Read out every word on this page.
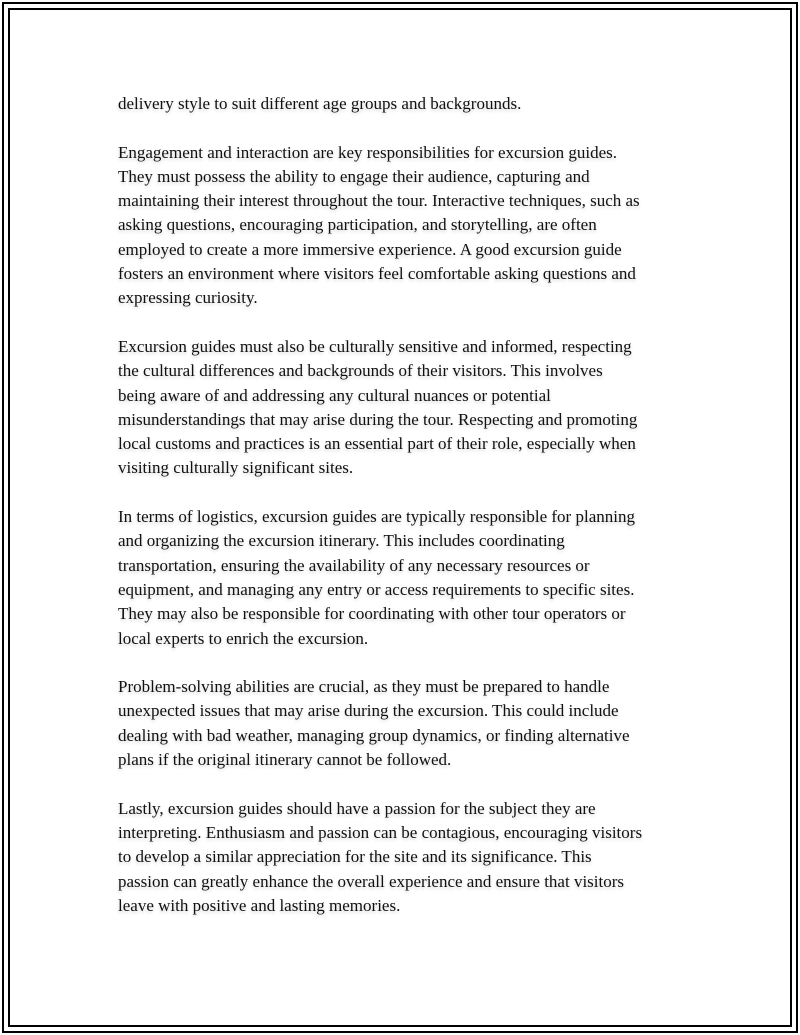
delivery style to suit different age groups and backgrounds.
Engagement and interaction are key responsibilities for excursion guides.
They must possess the ability to engage their audience, capturing and
maintaining their interest throughout the tour. Interactive techniques, such as
asking questions, encouraging participation, and storytelling, are often
employed to create a more immersive experience. A good excursion guide
fosters an environment where visitors feel comfortable asking questions and
expressing curiosity.
Excursion guides must also be culturally sensitive and informed, respecting
the cultural differences and backgrounds of their visitors. This involves
being aware of and addressing any cultural nuances or potential
misunderstandings that may arise during the tour. Respecting and promoting
local customs and practices is an essential part of their role, especially when
visiting culturally significant sites.
In terms of logistics, excursion guides are typically responsible for planning
and organizing the excursion itinerary. This includes coordinating
transportation, ensuring the availability of any necessary resources or
equipment, and managing any entry or access requirements to specific sites.
They may also be responsible for coordinating with other tour operators or
local experts to enrich the excursion.
Problem-solving abilities are crucial, as they must be prepared to handle
unexpected issues that may arise during the excursion. This could include
dealing with bad weather, managing group dynamics, or finding alternative
plans if the original itinerary cannot be followed.
Lastly, excursion guides should have a passion for the subject they are
interpreting. Enthusiasm and passion can be contagious, encouraging visitors
to develop a similar appreciation for the site and its significance. This
passion can greatly enhance the overall experience and ensure that visitors
leave with positive and lasting memories.
